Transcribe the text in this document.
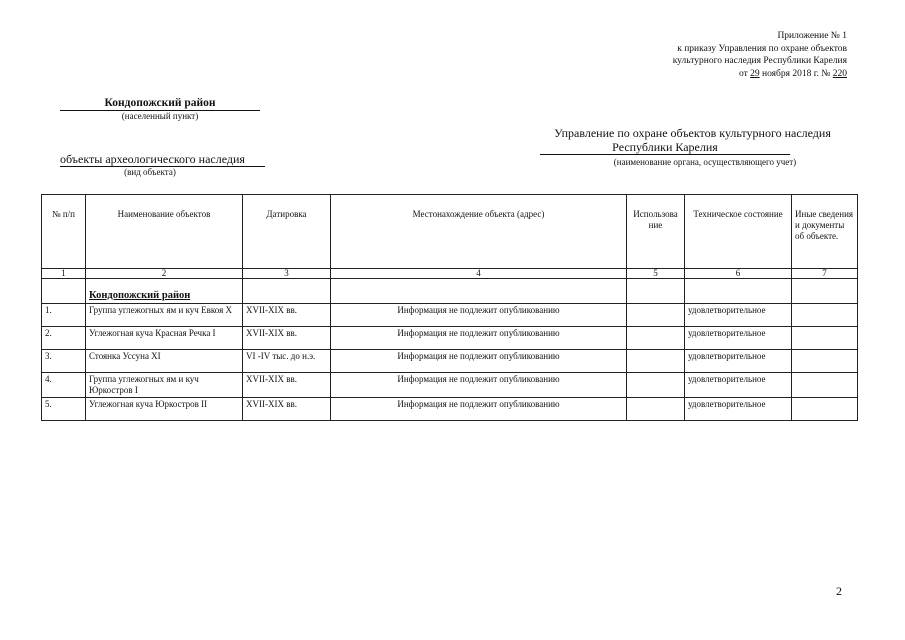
Приложение № 1
к приказу Управления по охране объектов
культурного наследия Республики Карелия
от 29 ноября 2018 г. № 220
Кондопожский район
(населенный пункт)
Управление по охране объектов культурного наследия
Республики Карелия
(наименование органа, осуществляющего учет)
объекты археологического наследия
(вид объекта)
№ п/п	Наименование объектов	Датировка	Местонахождение объекта (адрес)	Использова ние	Техническое состояние	Иные сведения и документы об объекте.
1	2	3	4	5	6	7
	Кондопожский район					
1.	Группа углежогных ям и куч Евкоя Х	XVII-XIX вв.	Информация не подлежит опубликованию		удовлетворительное	
2.	Углежогная куча Красная Речка I	XVII-XIX вв.	Информация не подлежит опубликованию		удовлетворительное	
3.	Стоянка Уссуна XI	VI -IV тыс. до н.э.	Информация не подлежит опубликованию		удовлетворительное	
4.	Группа углежогных ям и куч Юркостров I	XVII-XIX вв.	Информация не подлежит опубликованию		удовлетворительное	
5.	Углежогная куча Юркостров II	XVII-XIX вв.	Информация не подлежит опубликованию		удовлетворительное	
2
